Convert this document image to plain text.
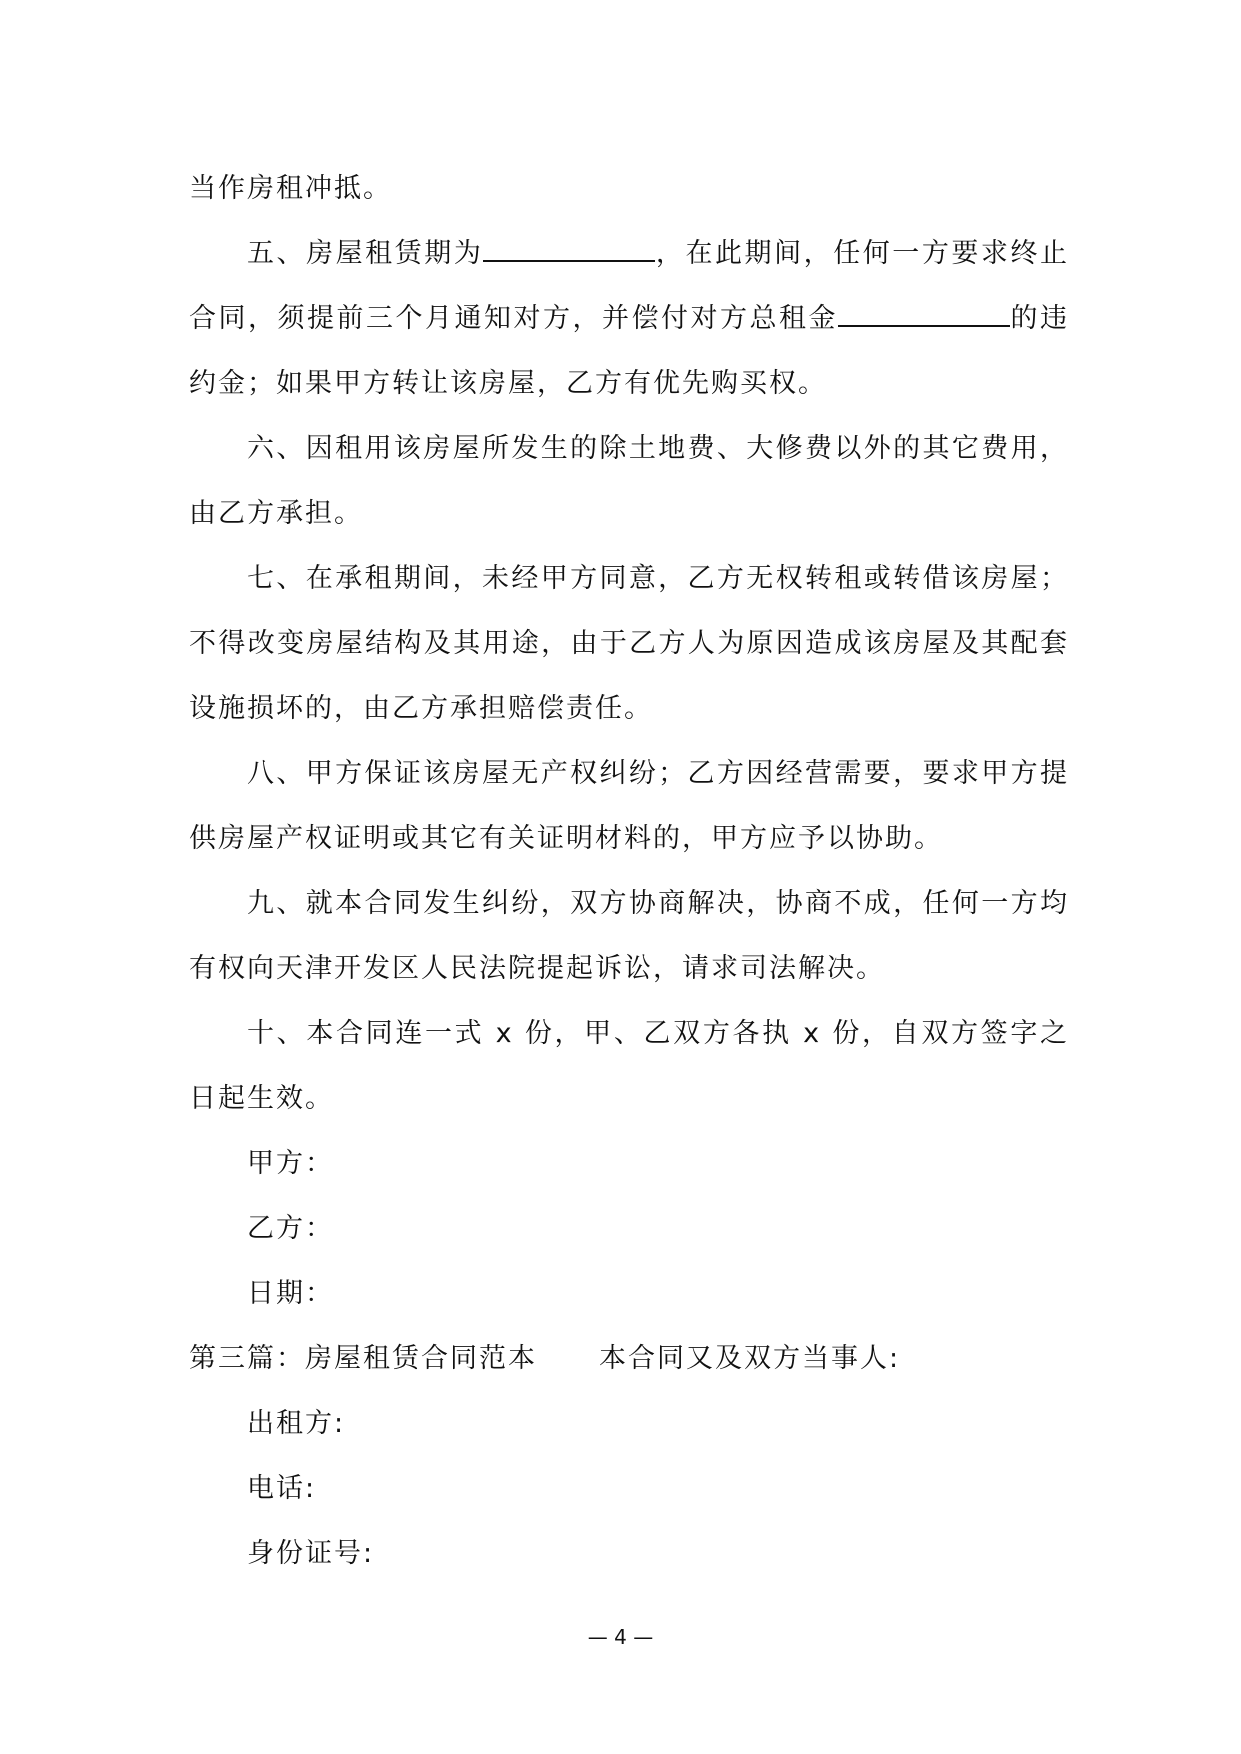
当作房租冲抵。

五、房屋租赁期为	，在此期间，任何一方要求终止合同，须提前三个月通知对方，并偿付对方总租金	的违约金；如果甲方转让该房屋，乙方有优先购买权。

六、因租用该房屋所发生的除土地费、大修费以外的其它费用，由乙方承担。

七、在承租期间，未经甲方同意，乙方无权转租或转借该房屋；不得改变房屋结构及其用途，由于乙方人为原因造成该房屋及其配套设施损坏的，由乙方承担赔偿责任。

八、甲方保证该房屋无产权纠纷；乙方因经营需要，要求甲方提供房屋产权证明或其它有关证明材料的，甲方应予以协助。

九、就本合同发生纠纷，双方协商解决，协商不成，任何一方均有权向天津开发区人民法院提起诉讼，请求司法解决。

十、本合同连一式 x 份，甲、乙双方各执 x 份，自双方签字之日起生效。

甲方：

乙方：

日期：

第三篇：房屋租赁合同范本 本合同又及双方当事人:

出租方:

电话:

身份证号:

— 4 —
